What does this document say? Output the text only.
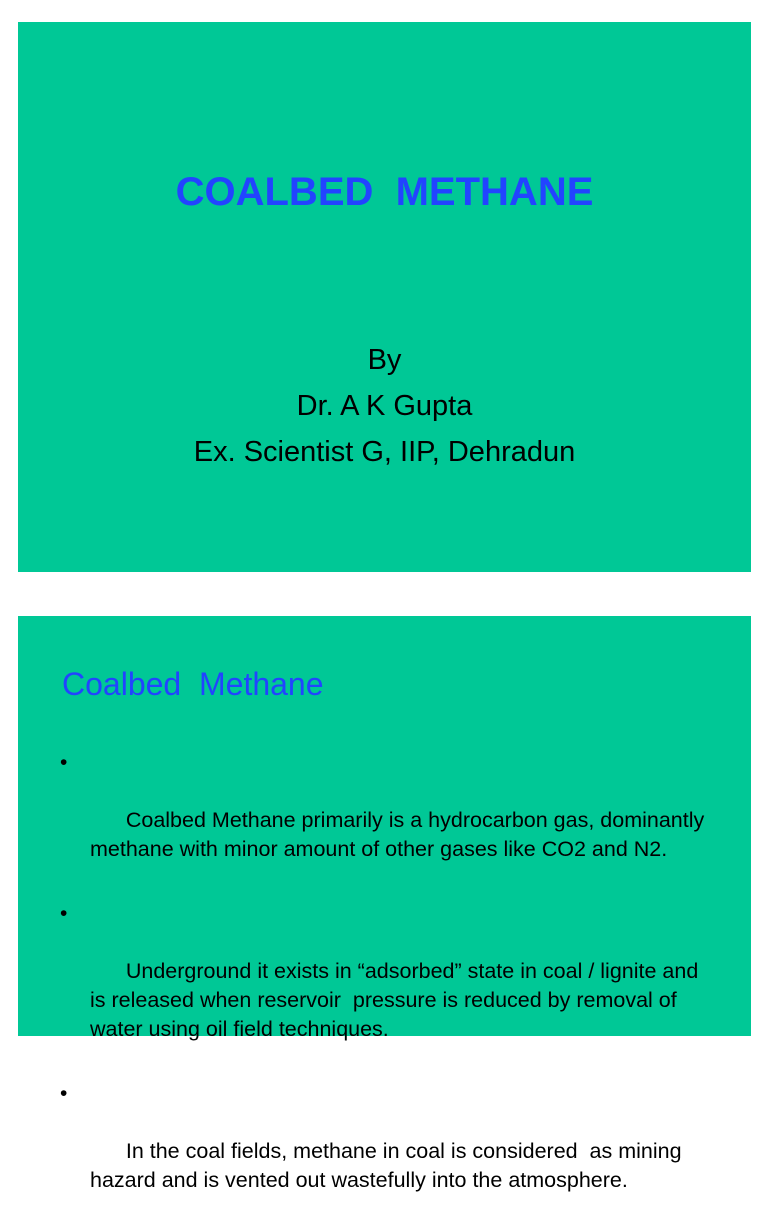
COALBED  METHANE
By
Dr. A K Gupta
Ex. Scientist G, IIP, Dehradun
Coalbed  Methane

•

Coalbed Methane primarily is a hydrocarbon gas, dominantly methane with minor amount of other gases like CO2 and N2.

•

Underground it exists in “adsorbed” state in coal / lignite and is released when reservoir  pressure is reduced by removal of water using oil field techniques.

•

In the coal fields, methane in coal is considered  as mining hazard and is vented out wastefully into the atmosphere.
